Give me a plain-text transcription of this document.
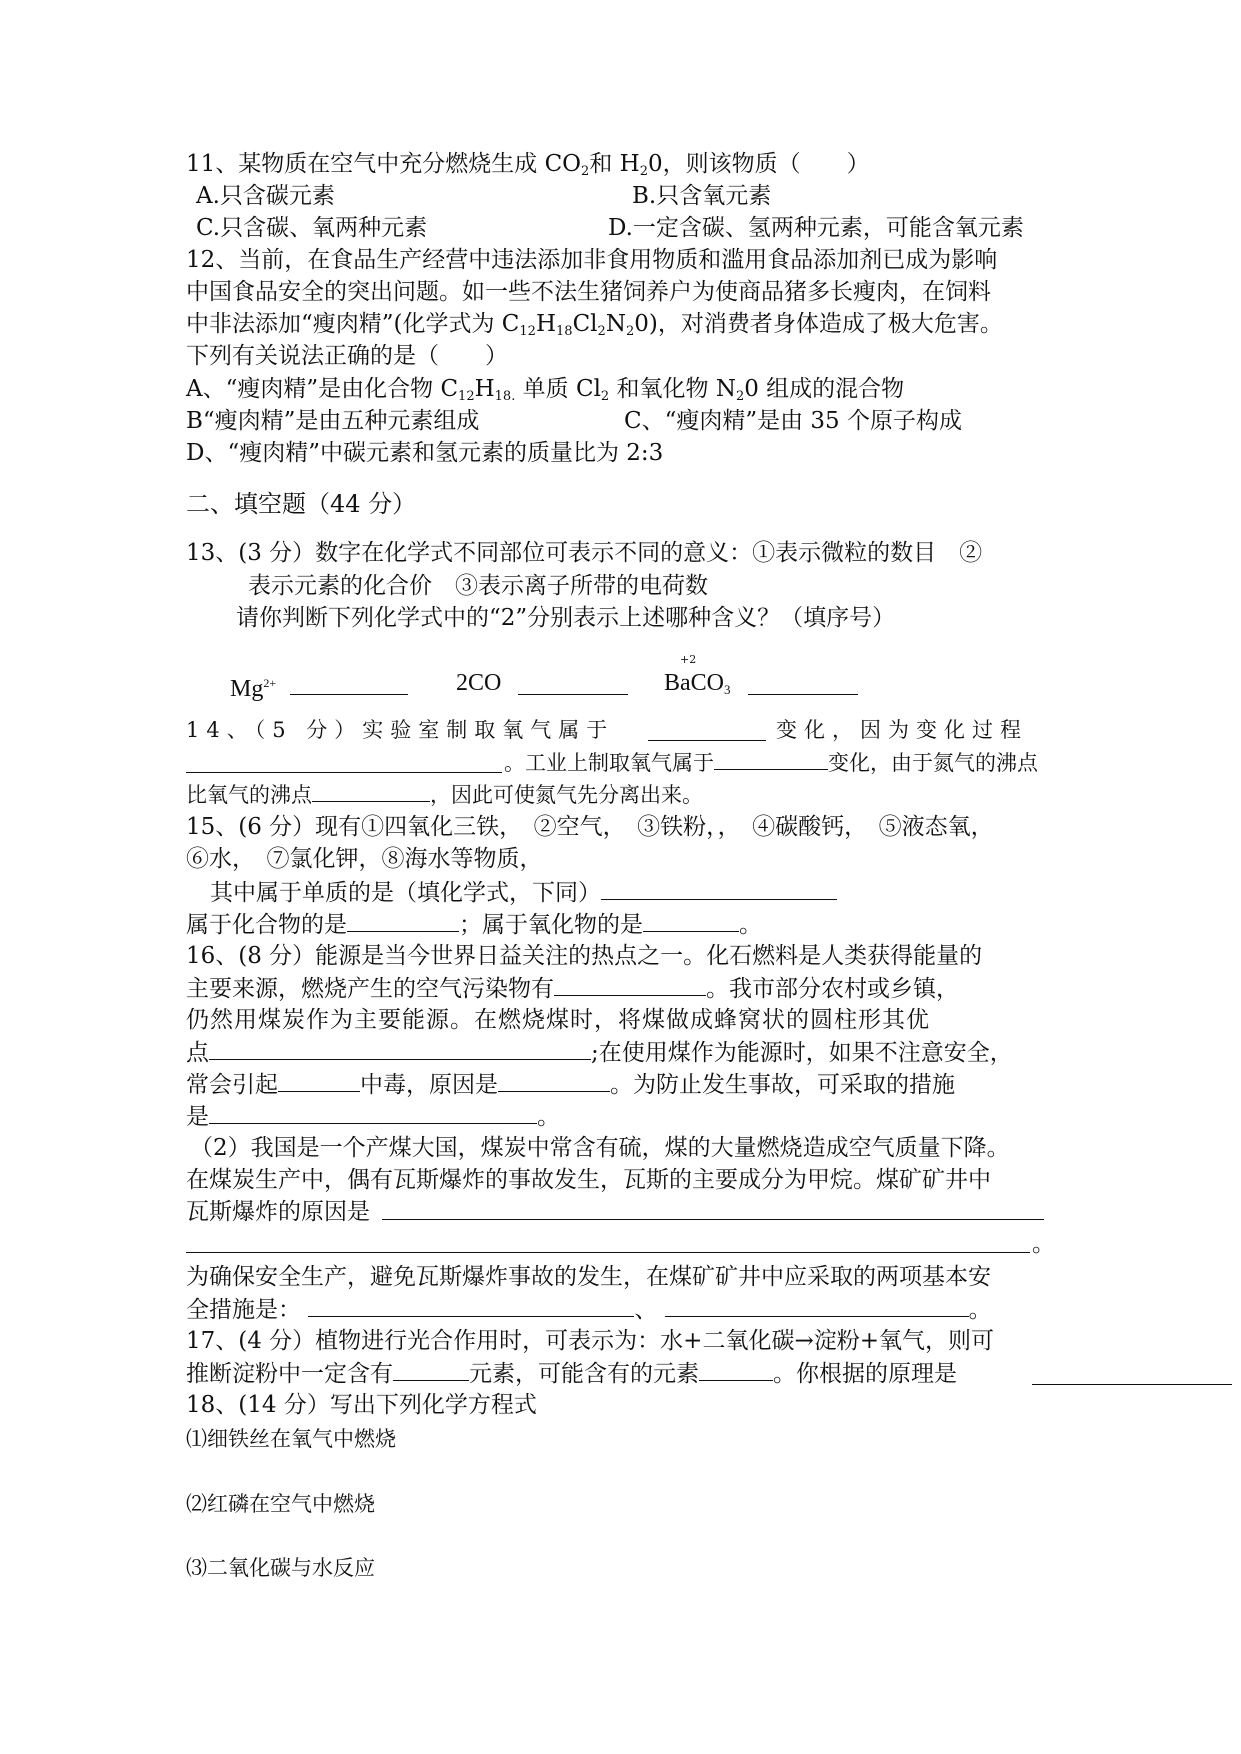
11、某物质在空气中充分燃烧生成 $CO_2$和 $H_20$，则该物质（　　）
A.只含碳元素	B.只含氧元素
C.只含碳、氧两种元素	D.一定含碳、氢两种元素，可能含氧元素
12、当前，在食品生产经营中违法添加非食用物质和滥用食品添加剂已成为影响
中国食品安全的突出问题。如一些不法生猪饲养户为使商品猪多长瘦肉，在饲料
中非法添加“瘦肉精”(化学式为 $C_{12}H_{18}Cl_2N_20$)，对消费者身体造成了极大危害。
下列有关说法正确的是（　　）
A、“瘦肉精”是由化合物 $C_{12}H_{18.}$ 单质 $Cl_2$ 和氧化物 $N_20$ 组成的混合物
B“瘦肉精”是由五种元素组成	C、“瘦肉精”是由 35 个原子构成
D、“瘦肉精”中碳元素和氢元素的质量比为 2:3
二、填空题（44 分）
13、(3 分）数字在化学式不同部位可表示不同的意义：①表示微粒的数目　②
表示元素的化合价　③表示离子所带的电荷数
请你判断下列化学式中的“2”分别表示上述哪种含义？（填序号）
+2
$Mg^{2+}$	2CO	BaCO$_3$
14、（5 分）实验室制取氧气属于	变化，因为变化过程
。工业上制取氧气属于	变化，由于氮气的沸点
比氧气的沸点	，因此可使氮气先分离出来。
15、(6 分）现有①四氧化三铁，　②空气，　③铁粉，，　④碳酸钙，　⑤液态氧，
⑥水，　⑦氯化钾，⑧海水等物质，
其中属于单质的是（填化学式，下同）
属于化合物的是	；属于氧化物的是	。
16、(8 分）能源是当今世界日益关注的热点之一。化石燃料是人类获得能量的
主要来源，燃烧产生的空气污染物有	。我市部分农村或乡镇，
仍然用煤炭作为主要能源。在燃烧煤时，将煤做成蜂窝状的圆柱形其优
点	;在使用煤作为能源时，如果不注意安全，
常会引起	中毒，原因是	。为防止发生事故，可采取的措施
是	。
（2）我国是一个产煤大国，煤炭中常含有硫，煤的大量燃烧造成空气质量下降。
在煤炭生产中，偶有瓦斯爆炸的事故发生，瓦斯的主要成分为甲烷。煤矿矿井中
瓦斯爆炸的原因是
。
为确保安全生产，避免瓦斯爆炸事故的发生，在煤矿矿井中应采取的两项基本安
全措施是：	、	。
17、(4 分）植物进行光合作用时，可表示为：水+二氧化碳→淀粉+氧气，则可
推断淀粉中一定含有	元素，可能含有的元素	。你根据的原理是
18、(14 分）写出下列化学方程式
⑴细铁丝在氧气中燃烧
⑵红磷在空气中燃烧
⑶二氧化碳与水反应
